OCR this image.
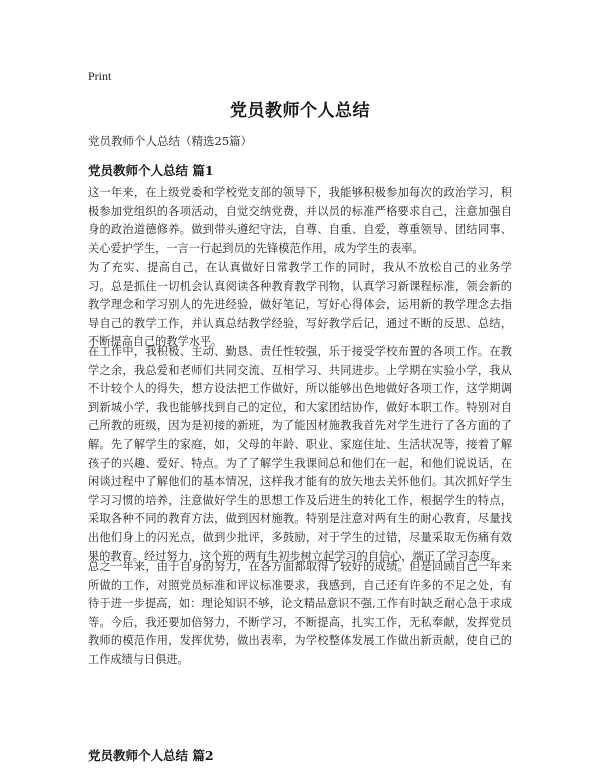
Print
党员教师个人总结
党员教师个人总结（精选25篇）
党员教师个人总结 篇1

这一年来，在上级党委和学校党支部的领导下，我能够积极参加每次的政治学习，积极参加党组织的各项活动，自觉交纳党费，并以员的标准严格要求自己，注意加强自身的政治道德修养。做到带头遵纪守法，自尊、自重、自爱，尊重领导、团结同事、关心爱护学生，一言一行起到员的先锋模范作用，成为学生的表率。

为了充实、提高自己，在认真做好日常教学工作的同时，我从不放松自己的业务学习。总是抓住一切机会认真阅读各种教育教学刊物，认真学习新课程标准，领会新的教学理念和学习别人的先进经验，做好笔记，写好心得体会，运用新的教学理念去指导自己的教学工作，并认真总结教学经验，写好教学后记，通过不断的反思、总结，不断提高自己的教学水平。

在工作中，我积极、主动、勤恳、责任性较强，乐于接受学校布置的各项工作。在教学之余，我总爱和老师们共同交流、互相学习、共同进步。上学期在实验小学，我从不计较个人的得失，想方设法把工作做好，所以能够出色地做好各项工作，这学期调到新城小学，我也能够找到自己的定位，和大家团结协作，做好本职工作。特别对自己所教的班级，因为是初接的新班，为了能因材施教我首先对学生进行了各方面的了解。先了解学生的家庭，如，父母的年龄、职业、家庭住址、生活状况等，接着了解孩子的兴趣、爱好、特点。为了了解学生我课间总和他们在一起，和他们说说话，在闲谈过程中了解他们的基本情况，这样我才能有的放矢地去关怀他们。其次抓好学生学习习惯的培养，注意做好学生的思想工作及后进生的转化工作，根据学生的特点，采取各种不同的教育方法，做到因材施教。特别是注意对两有生的耐心教育，尽量找出他们身上的闪光点，做到少批评，多鼓励，对于学生的过错，尽量采取无伤痛有效果的教育。经过努力，这个班的两有生初步树立起学习的自信心，端正了学习态度。

总之一年来，由于自身的努力，在各方面都取得了较好的成绩。但是回顾自己一年来所做的工作，对照党员标准和评议标准要求，我感到，自己还有许多的不足之处，有待于进一步提高，如：理论知识不够，论文精品意识不强,工作有时缺乏耐心急于求成等。今后，我还要加倍努力，不断学习，不断提高，扎实工作，无私奉献，发挥党员教师的模范作用，发挥优势，做出表率，为学校整体发展工作做出新贡献，使自己的工作成绩与日俱进。

党员教师个人总结 篇2
